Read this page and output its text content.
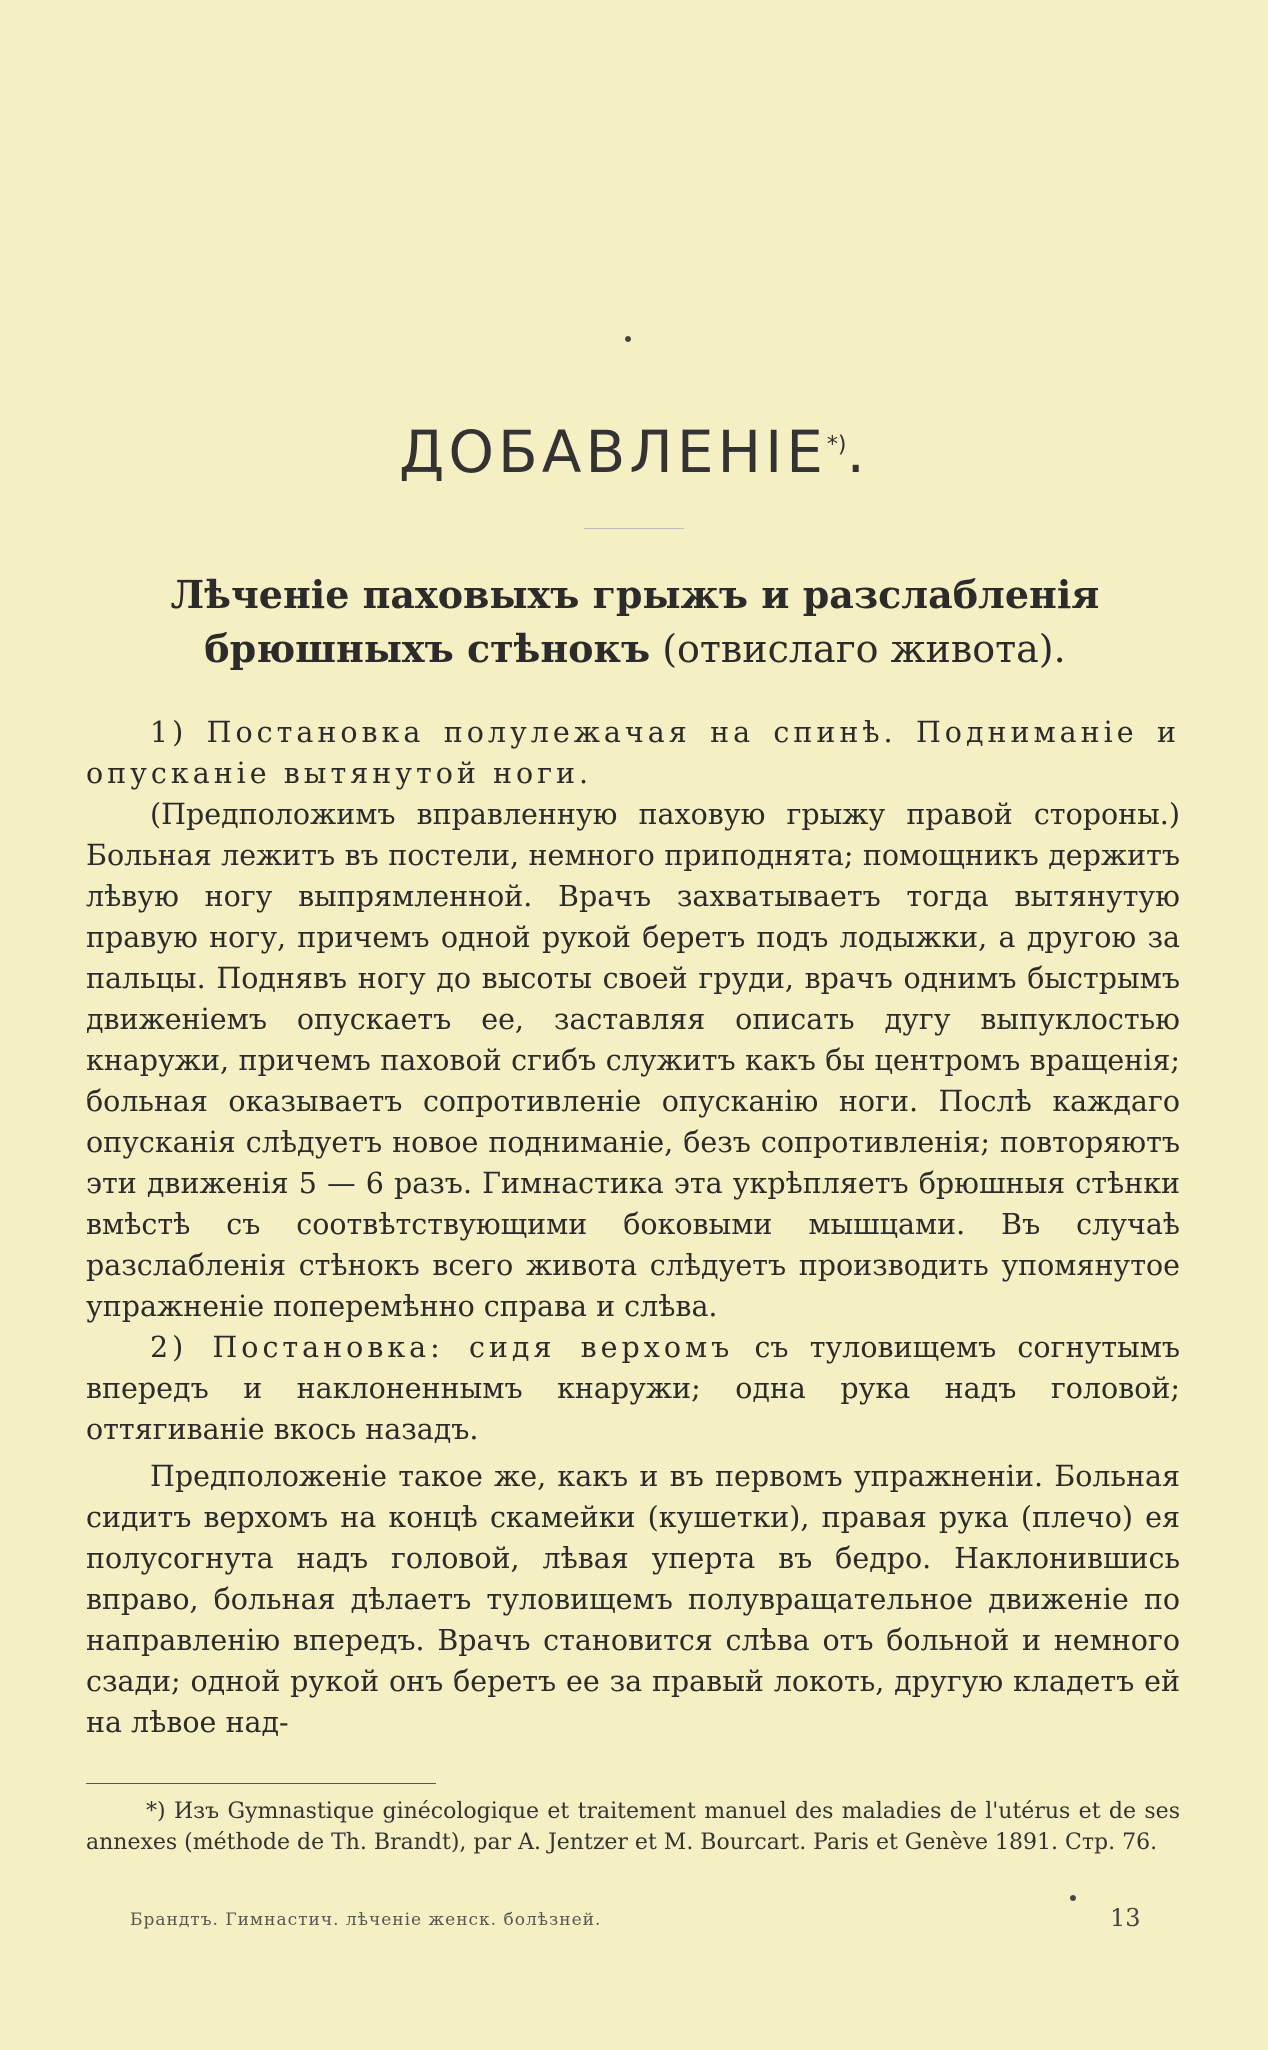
ДОБАВЛЕНIЕ*).
Лѣченiе паховыхъ грыжъ и разслабленiя
брюшныхъ стѣнокъ (отвислаго живота).

1) Постановка полулежачая на спинѣ. Подниманiе и опусканiе вытянутой ноги.

(Предположимъ вправленную паховую грыжу правой стороны.) Больная лежитъ въ постели, немного приподнята; помощникъ держитъ лѣвую ногу выпрямленной. Врачъ захватываетъ тогда вытянутую правую ногу, причемъ одной рукой беретъ подъ лодыжки, а другою за пальцы. Поднявъ ногу до высоты своей груди, врачъ однимъ быстрымъ движенiемъ опускаетъ ее, заставляя описать дугу выпуклостью кнаружи, причемъ паховой сгибъ служитъ какъ бы центромъ вращенiя; больная оказываетъ сопротивленiе опусканiю ноги. Послѣ каждаго опусканiя слѣдуетъ новое подниманiе, безъ сопротивленiя; повторяютъ эти движенiя 5 — 6 разъ. Гимнастика эта укрѣпляетъ брюшныя стѣнки вмѣстѣ съ соотвѣтствующими боковыми мышцами. Въ случаѣ разслабленiя стѣнокъ всего живота слѣдуетъ производить упомянутое упражненiе поперемѣнно справа и слѣва.

2) Постановка: сидя верхомъ съ туловищемъ согнутымъ впередъ и наклоненнымъ кнаружи; одна рука надъ головой; оттягиванiе вкось назадъ.

Предположенiе такое же, какъ и въ первомъ упражненiи. Больная сидитъ верхомъ на концѣ скамейки (кушетки), правая рука (плечо) ея полусогнута надъ головой, лѣвая уперта въ бедро. Наклонившись вправо, больная дѣлаетъ туловищемъ полувращательное движенiе по направленiю впередъ. Врачъ становится слѣва отъ больной и немного сзади; одной рукой онъ беретъ ее за правый локоть, другую кладетъ ей на лѣвое над-

*) Изъ Gymnastique ginécologique et traitement manuel des maladies de l'utérus et de ses annexes (méthode de Th. Brandt), par A. Jentzer et M. Bourcart. Paris et Genève 1891. Стр. 76.
Брандтъ. Гимнастич. лѣченiе женск. болѣзней.	13
